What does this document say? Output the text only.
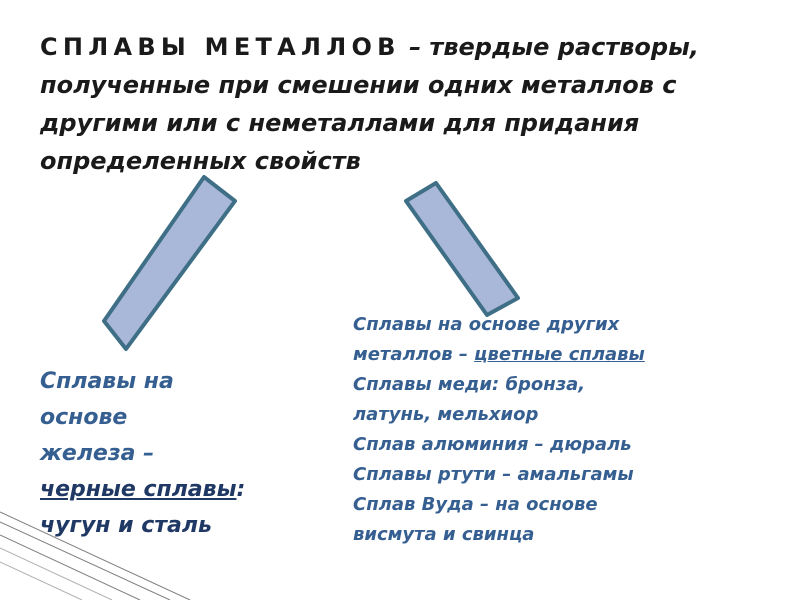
СПЛАВЫ МЕТАЛЛОВ – твердые растворы, полученные при смешении одних металлов с другими или с неметаллами для придания определенных свойств
Сплавы на
основе
железа –
черные сплавы:
чугун и сталь
Сплавы на основе других
металлов – цветные сплавы
Сплавы меди: бронза,
латунь, мельхиор
Сплав алюминия – дюраль
Сплавы ртути – амальгамы
Сплав Вуда – на основе
висмута и свинца
